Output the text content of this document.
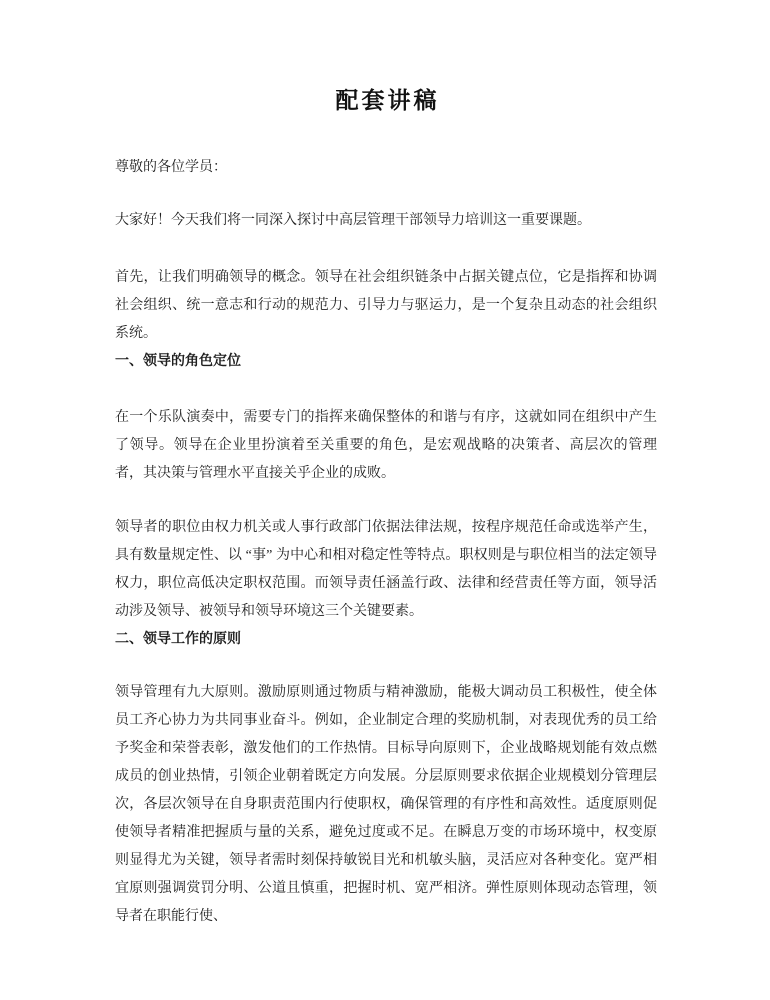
配套讲稿

尊敬的各位学员：

大家好！今天我们将一同深入探讨中高层管理干部领导力培训这一重要课题。

首先，让我们明确领导的概念。领导在社会组织链条中占据关键点位，它是指挥和协调社会组织、统一意志和行动的规范力、引导力与驱运力，是一个复杂且动态的社会组织系统。

一、领导的角色定位

在一个乐队演奏中，需要专门的指挥来确保整体的和谐与有序，这就如同在组织中产生了领导。领导在企业里扮演着至关重要的角色，是宏观战略的决策者、高层次的管理者，其决策与管理水平直接关乎企业的成败。

领导者的职位由权力机关或人事行政部门依据法律法规，按程序规范任命或选举产生，具有数量规定性、以 “事” 为中心和相对稳定性等特点。职权则是与职位相当的法定领导权力，职位高低决定职权范围。而领导责任涵盖行政、法律和经营责任等方面，领导活动涉及领导、被领导和领导环境这三个关键要素。

二、领导工作的原则

领导管理有九大原则。激励原则通过物质与精神激励，能极大调动员工积极性，使全体员工齐心协力为共同事业奋斗。例如，企业制定合理的奖励机制，对表现优秀的员工给予奖金和荣誉表彰，激发他们的工作热情。目标导向原则下，企业战略规划能有效点燃成员的创业热情，引领企业朝着既定方向发展。分层原则要求依据企业规模划分管理层次，各层次领导在自身职责范围内行使职权，确保管理的有序性和高效性。适度原则促使领导者精准把握质与量的关系，避免过度或不足。在瞬息万变的市场环境中，权变原则显得尤为关键，领导者需时刻保持敏锐目光和机敏头脑，灵活应对各种变化。宽严相宜原则强调赏罚分明、公道且慎重，把握时机、宽严相济。弹性原则体现动态管理，领导者在职能行使、
